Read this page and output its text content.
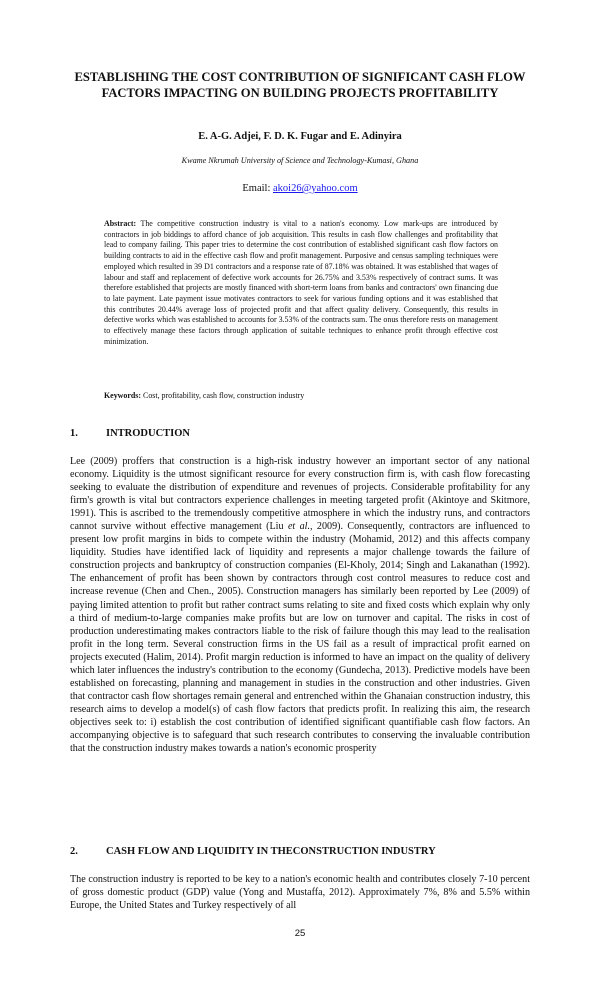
ESTABLISHING THE COST CONTRIBUTION OF SIGNIFICANT CASH FLOW FACTORS IMPACTING ON BUILDING PROJECTS PROFITABILITY
E. A-G. Adjei, F. D. K. Fugar and E. Adinyira
Kwame Nkrumah University of Science and Technology-Kumasi, Ghana
Email: akoi26@yahoo.com

Abstract: The competitive construction industry is vital to a nation's economy. Low mark-ups are introduced by contractors in job biddings to afford chance of job acquisition. This results in cash flow challenges and profitability that lead to company failing. This paper tries to determine the cost contribution of established significant cash flow factors on building contracts to aid in the effective cash flow and profit management. Purposive and census sampling techniques were employed which resulted in 39 D1 contractors and a response rate of 87.18% was obtained. It was established that wages of labour and staff and replacement of defective work accounts for 26.75% and 3.53% respectively of contract sums. It was therefore established that projects are mostly financed with short-term loans from banks and contractors' own financing due to late payment. Late payment issue motivates contractors to seek for various funding options and it was established that this contributes 20.44% average loss of projected profit and that affect quality delivery. Consequently, this results in defective works which was established to accounts for 3.53% of the contracts sum. The onus therefore rests on management to effectively manage these factors through application of suitable techniques to enhance profit through effective cost minimization.

Keywords: Cost, profitability, cash flow, construction industry

1.	INTRODUCTION

Lee (2009) proffers that construction is a high-risk industry however an important sector of any national economy. Liquidity is the utmost significant resource for every construction firm is, with cash flow forecasting seeking to evaluate the distribution of expenditure and revenues of projects. Considerable profitability for any firm's growth is vital but contractors experience challenges in meeting targeted profit (Akintoye and Skitmore, 1991). This is ascribed to the tremendously competitive atmosphere in which the industry runs, and contractors cannot survive without effective management (Liu et al., 2009). Consequently, contractors are influenced to present low profit margins in bids to compete within the industry (Mohamid, 2012) and this affects company liquidity. Studies have identified lack of liquidity and represents a major challenge towards the failure of construction projects and bankruptcy of construction companies (El-Kholy, 2014; Singh and Lakanathan (1992). The enhancement of profit has been shown by contractors through cost control measures to reduce cost and increase revenue (Chen and Chen., 2005). Construction managers has similarly been reported by Lee (2009) of paying limited attention to profit but rather contract sums relating to site and fixed costs which explain why only a third of medium-to-large companies make profits but are low on turnover and capital. The risks in cost of production underestimating makes contractors liable to the risk of failure though this may lead to the realisation profit in the long term. Several construction firms in the US fail as a result of impractical profit earned on projects executed (Halim, 2014). Profit margin reduction is informed to have an impact on the quality of delivery which later influences the industry's contribution to the economy (Gundecha, 2013). Predictive models have been established on forecasting, planning and management in studies in the construction and other industries. Given that contractor cash flow shortages remain general and entrenched within the Ghanaian construction industry, this research aims to develop a model(s) of cash flow factors that predicts profit. In realizing this aim, the research objectives seek to: i) establish the cost contribution of identified significant quantifiable cash flow factors. An accompanying objective is to safeguard that such research contributes to conserving the invaluable contribution that the construction industry makes towards a nation's economic prosperity

2.	CASH FLOW AND LIQUIDITY IN THECONSTRUCTION INDUSTRY

The construction industry is reported to be key to a nation's economic health and contributes closely 7-10 percent of gross domestic product (GDP) value (Yong and Mustaffa, 2012). Approximately 7%, 8% and 5.5% within Europe, the United States and Turkey respectively of all

25
